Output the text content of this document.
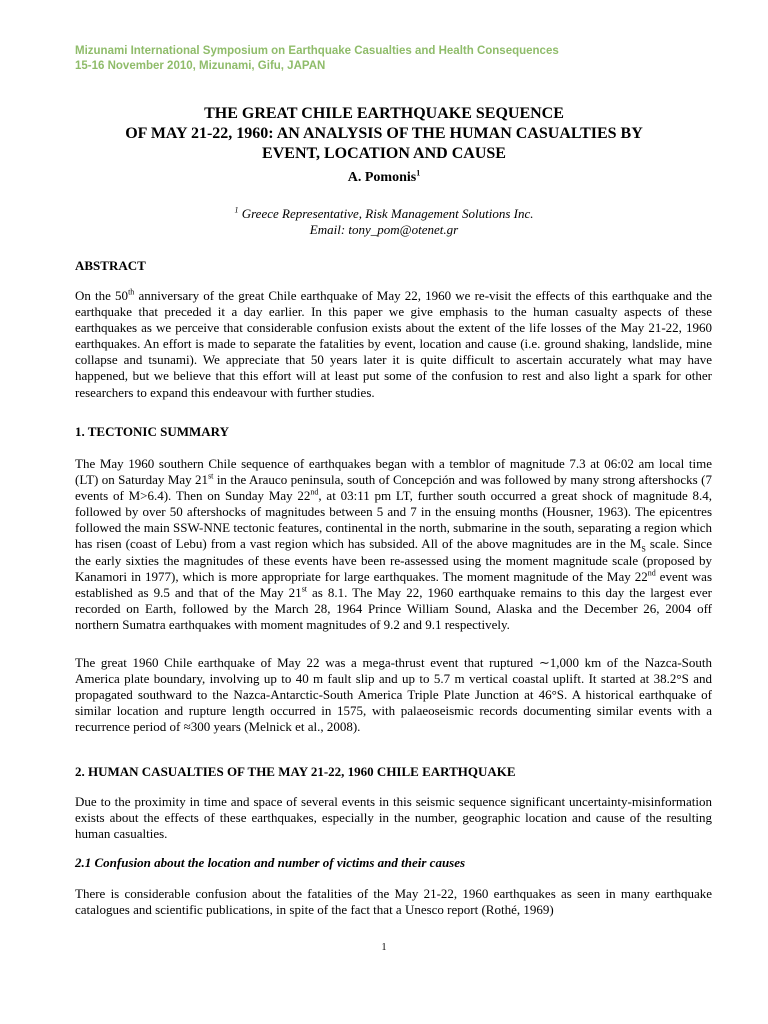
Mizunami International Symposium on Earthquake Casualties and Health Consequences
15-16 November 2010, Mizunami, Gifu, JAPAN
THE GREAT CHILE EARTHQUAKE SEQUENCE
OF MAY 21-22, 1960: AN ANALYSIS OF THE HUMAN CASUALTIES BY
EVENT, LOCATION AND CAUSE
A. Pomonis$^1$
$^1$ Greece Representative, Risk Management Solutions Inc.
Email: tony_pom@otenet.gr
ABSTRACT
On the 50th anniversary of the great Chile earthquake of May 22, 1960 we re-visit the effects of this earthquake and the earthquake that preceded it a day earlier. In this paper we give emphasis to the human casualty aspects of these earthquakes as we perceive that considerable confusion exists about the extent of the life losses of the May 21-22, 1960 earthquakes. An effort is made to separate the fatalities by event, location and cause (i.e. ground shaking, landslide, mine collapse and tsunami). We appreciate that 50 years later it is quite difficult to ascertain accurately what may have happened, but we believe that this effort will at least put some of the confusion to rest and also light a spark for other researchers to expand this endeavour with further studies.
1. TECTONIC SUMMARY
The May 1960 southern Chile sequence of earthquakes began with a temblor of magnitude 7.3 at 06:02 am local time (LT) on Saturday May 21st in the Arauco peninsula, south of Concepción and was followed by many strong aftershocks (7 events of M>6.4). Then on Sunday May 22nd, at 03:11 pm LT, further south occurred a great shock of magnitude 8.4, followed by over 50 aftershocks of magnitudes between 5 and 7 in the ensuing months (Housner, 1963). The epicentres followed the main SSW-NNE tectonic features, continental in the north, submarine in the south, separating a region which has risen (coast of Lebu) from a vast region which has subsided. All of the above magnitudes are in the $M_S$ scale. Since the early sixties the magnitudes of these events have been re-assessed using the moment magnitude scale (proposed by Kanamori in 1977), which is more appropriate for large earthquakes. The moment magnitude of the May 22nd event was established as 9.5 and that of the May 21st as 8.1. The May 22, 1960 earthquake remains to this day the largest ever recorded on Earth, followed by the March 28, 1964 Prince William Sound, Alaska and the December 26, 2004 off northern Sumatra earthquakes with moment magnitudes of 9.2 and 9.1 respectively.
The great 1960 Chile earthquake of May 22 was a mega-thrust event that ruptured ∼1,000 km of the Nazca-South America plate boundary, involving up to 40 m fault slip and up to 5.7 m vertical coastal uplift. It started at 38.2°S and propagated southward to the Nazca-Antarctic-South America Triple Plate Junction at 46°S. A historical earthquake of similar location and rupture length occurred in 1575, with palaeoseismic records documenting similar events with a recurrence period of ≈300 years (Melnick et al., 2008).
2. HUMAN CASUALTIES OF THE MAY 21-22, 1960 CHILE EARTHQUAKE
Due to the proximity in time and space of several events in this seismic sequence significant uncertainty-misinformation exists about the effects of these earthquakes, especially in the number, geographic location and cause of the resulting human casualties.
2.1 Confusion about the location and number of victims and their causes
There is considerable confusion about the fatalities of the May 21-22, 1960 earthquakes as seen in many earthquake catalogues and scientific publications, in spite of the fact that a Unesco report (Rothé, 1969)
1
